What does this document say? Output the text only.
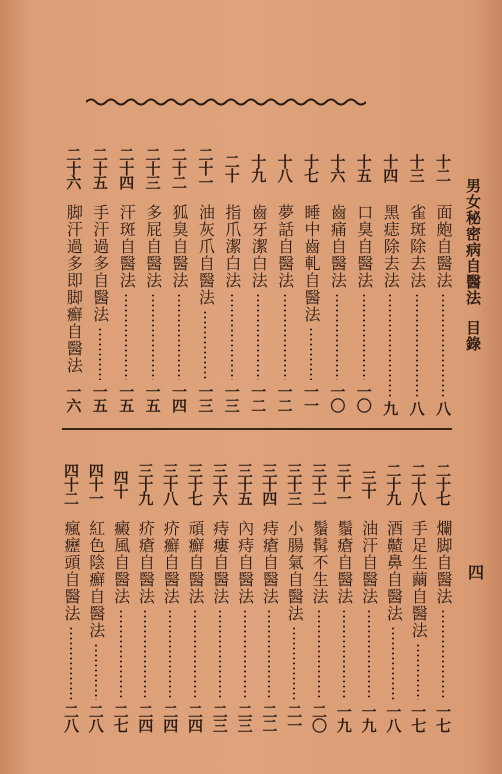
男女秘密病自醫法目錄
四
十二
面皰自醫法
八
十三
雀斑除去法
八
十四
黑痣除去法
九
十五
口臭自醫法
一〇
十六
齒痛自醫法
一〇
十七
睡中齒軋自醫法
一一
十八
夢話自醫法
一二
十九
齒牙潔白法
一二
二十
指爪潔白法
一三
二十一
油灰爪自醫法
一三
二十二
狐臭自醫法
一四
二十三
多屁自醫法
一五
二十四
汗斑自醫法
一五
二十五
手汗過多自醫法
一五
二十六
脚汗過多即脚癬自醫法
一六
二十七
爛脚自醫法
一七
二十八
手足生繭自醫法
一七
二十九
酒齄鼻自醫法
一八
三十
油汗自醫法
一九
三十一
鬚瘡自醫法
一九
三十二
鬚髯不生法
二〇
三十三
小腸氣自醫法
二一
三十四
痔瘡自醫法
二二
三十五
內痔自醫法
二三
三十六
痔瘻自醫法
二三
三十七
頑癬自醫法
二四
三十八
疥癬自醫法
二四
三十九
疥瘡自醫法
二四
四十
癜風自醫法
二七
四十一
紅色陰癬自醫法
二八
四十二
瘋癧頭自醫法
二八
